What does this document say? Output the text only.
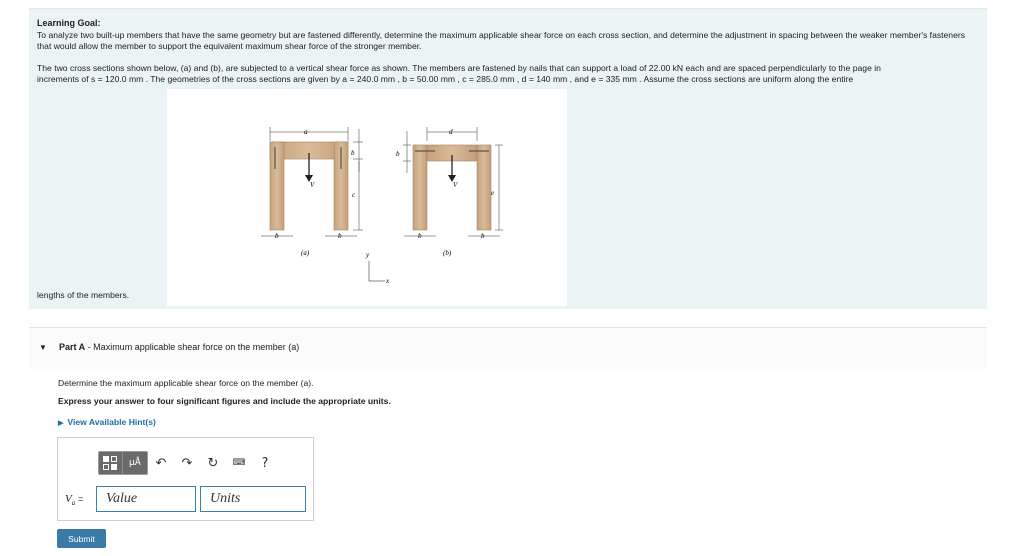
Learning Goal:
To analyze two built-up members that have the same geometry but are fastened differently, determine the maximum applicable shear force on each cross section, and determine the adjustment in spacing between the weaker member's fasteners that would allow the member to support the equivalent maximum shear force of the stronger member.
The two cross sections shown below, (a) and (b), are subjected to a vertical shear force as shown. The members are fastened by nails that can support a load of 22.00 kN each and are spaced perpendicularly to the page in
increments of s = 120.0 mm . The geometries of the cross sections are given by a = 240.0 mm , b = 50.00 mm , c = 285.0 mm , d = 140 mm , and e = 335 mm . Assume the cross sections are uniform along the entire
V
a
b
c
b	b
(a)
V
d
b
e
b	b
(b)
y
x
lengths of the members.
▼ Part A - Maximum applicable shear force on the member (a)
Determine the maximum applicable shear force on the member (a).
Express your answer to four significant figures and include the appropriate units.
▶ View Available Hint(s)
μÅ	↶	↷	↻	⌨	?
$V_a$ =
Value
Units
Submit
